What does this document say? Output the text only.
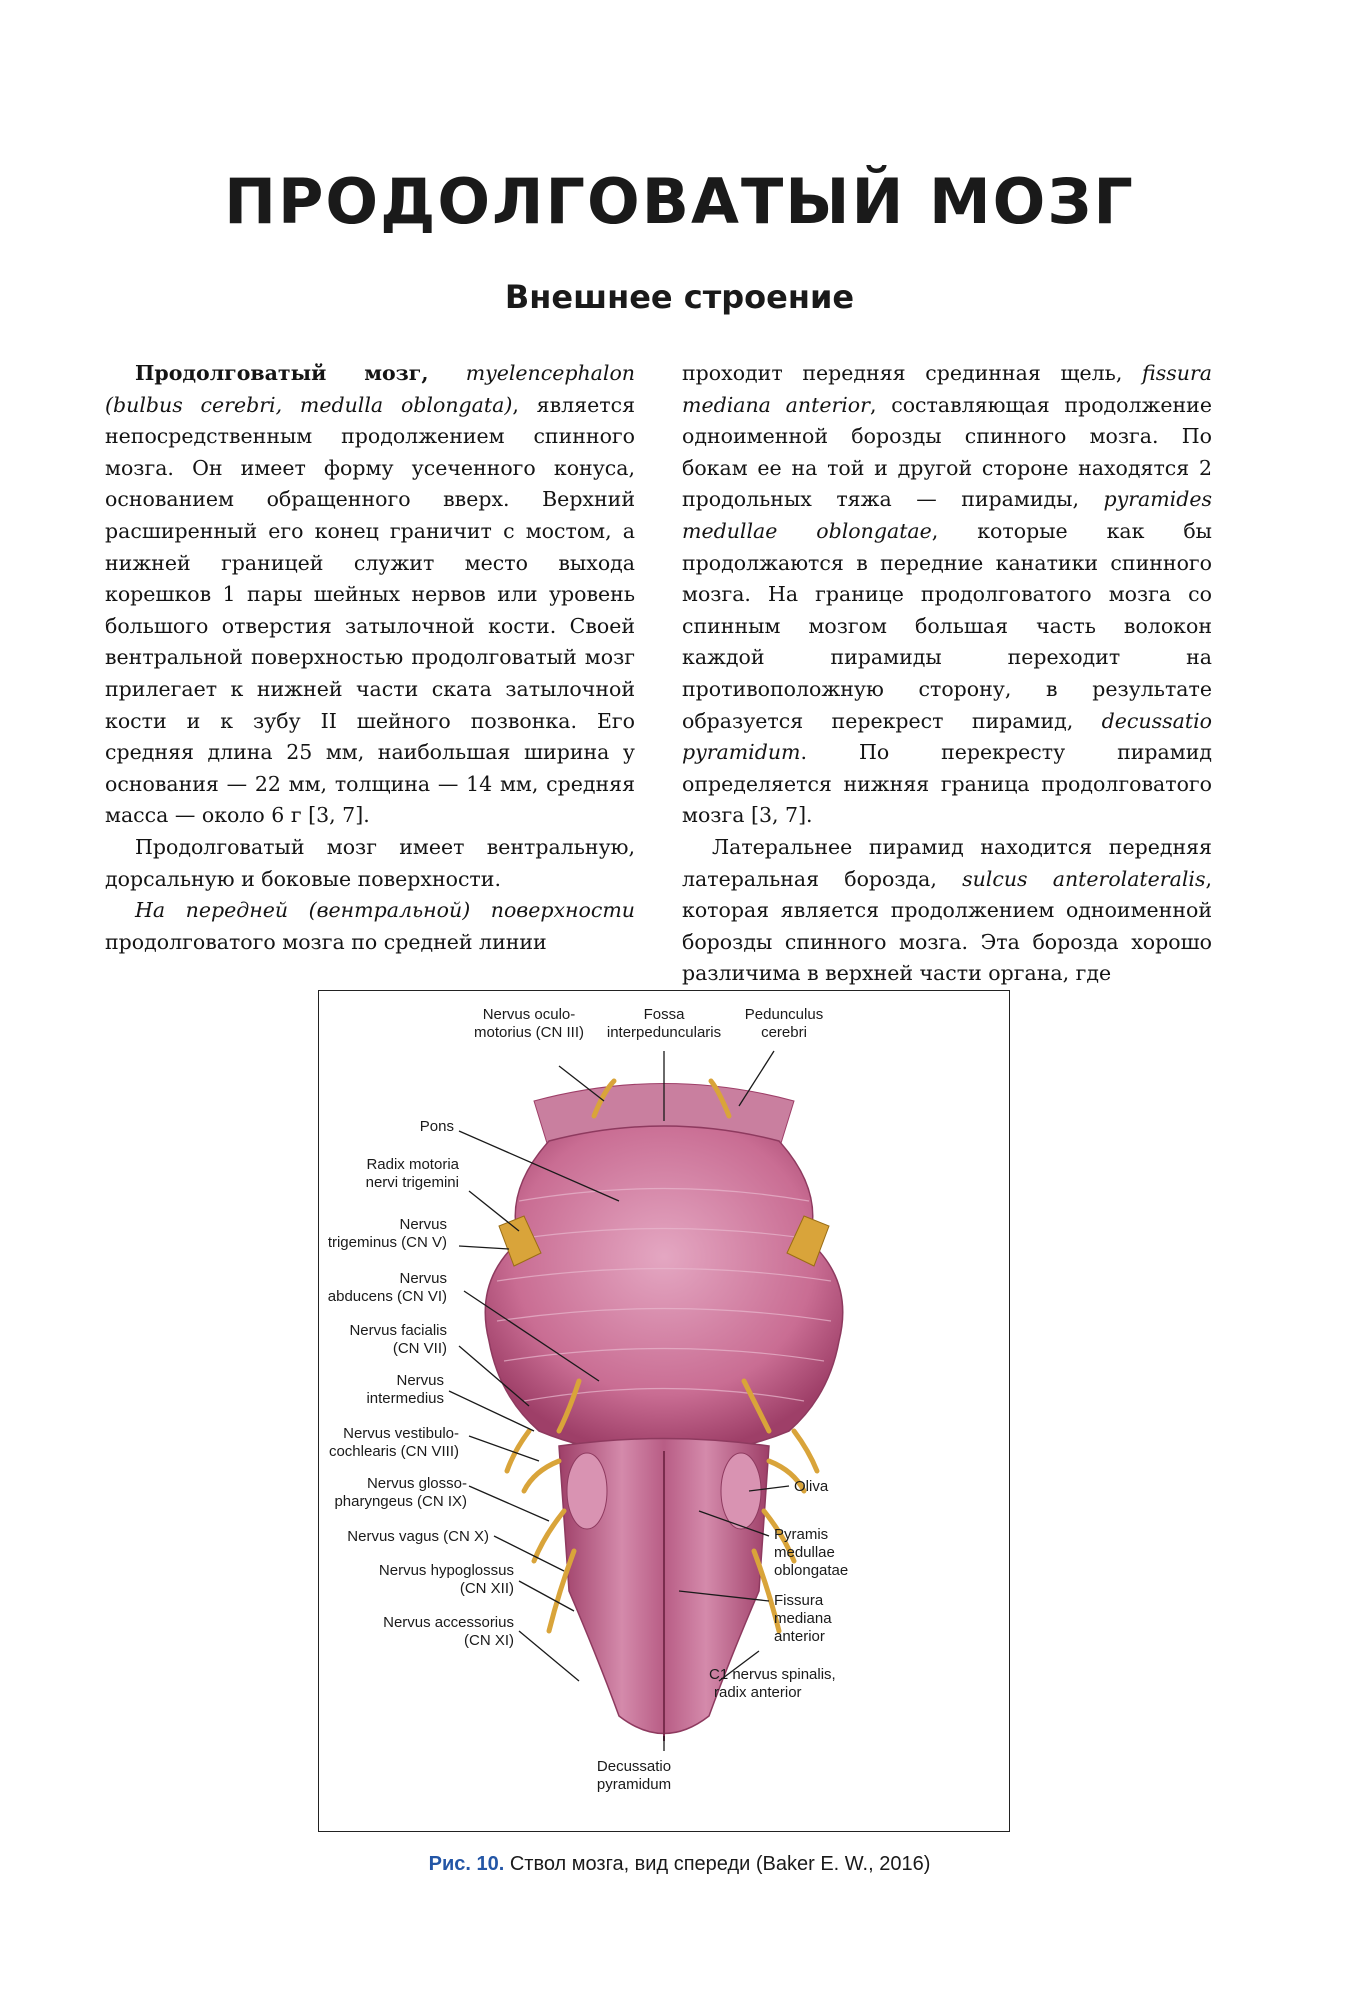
ПРОДОЛГОВАТЫЙ МОЗГ
Внешнее строение

Продолговатый мозг, myelencephalon (bulbus cerebri, medulla oblongata), является непосредственным продолжением спинного мозга. Он имеет форму усеченного конуса, основанием обращенного вверх. Верхний расширенный его конец граничит с мостом, а нижней границей служит место выхода корешков 1 пары шейных нервов или уровень большого отверстия затылочной кости. Своей вентральной поверхностью продолговатый мозг прилегает к нижней части ската затылочной кости и к зубу II шейного позвонка. Его средняя длина 25 мм, наибольшая ширина у основания — 22 мм, толщина — 14 мм, средняя масса — около 6 г [3, 7].

Продолговатый мозг имеет вентральную, дорсальную и боковые поверхности.

На передней (вентральной) поверхности продолговатого мозга по средней линии

проходит передняя срединная щель, fissura mediana anterior, составляющая продолжение одноименной борозды спинного мозга. По бокам ее на той и другой стороне находятся 2 продольных тяжа — пирамиды, pyramides medullae oblongatae, которые как бы продолжаются в передние канатики спинного мозга. На границе продолговатого мозга со спинным мозгом большая часть волокон каждой пирамиды переходит на противоположную сторону, в результате образуется перекрест пирамид, decussatio pyramidum. По перекресту пирамид определяется нижняя граница продолговатого мозга [3, 7].

Латеральнее пирамид находится передняя латеральная борозда, sulcus anterolateralis, которая является продолжением одноименной борозды спинного мозга. Эта борозда хорошо различима в верхней части органа, где

Nervus oculo-
motorius (CN III)
Fossa
interpeduncularis
Pedunculus
cerebri
Pons
Radix motoria
nervi trigemini
Nervus
trigeminus (CN V)
Nervus
abducens (CN VI)
Nervus facialis
(CN VII)
Nervus
intermedius
Nervus vestibulo-
cochlearis (CN VIII)
Nervus glosso-
pharyngeus (CN IX)
Nervus vagus (CN X)
Nervus hypoglossus
(CN XII)
Nervus accessorius
(CN XI)
Oliva
Pyramis
medullae
oblongatae
Fissura
mediana
anterior
C1 nervus spinalis,
radix anterior
Decussatio
pyramidum
Рис. 10. Ствол мозга, вид спереди (Baker E. W., 2016)
